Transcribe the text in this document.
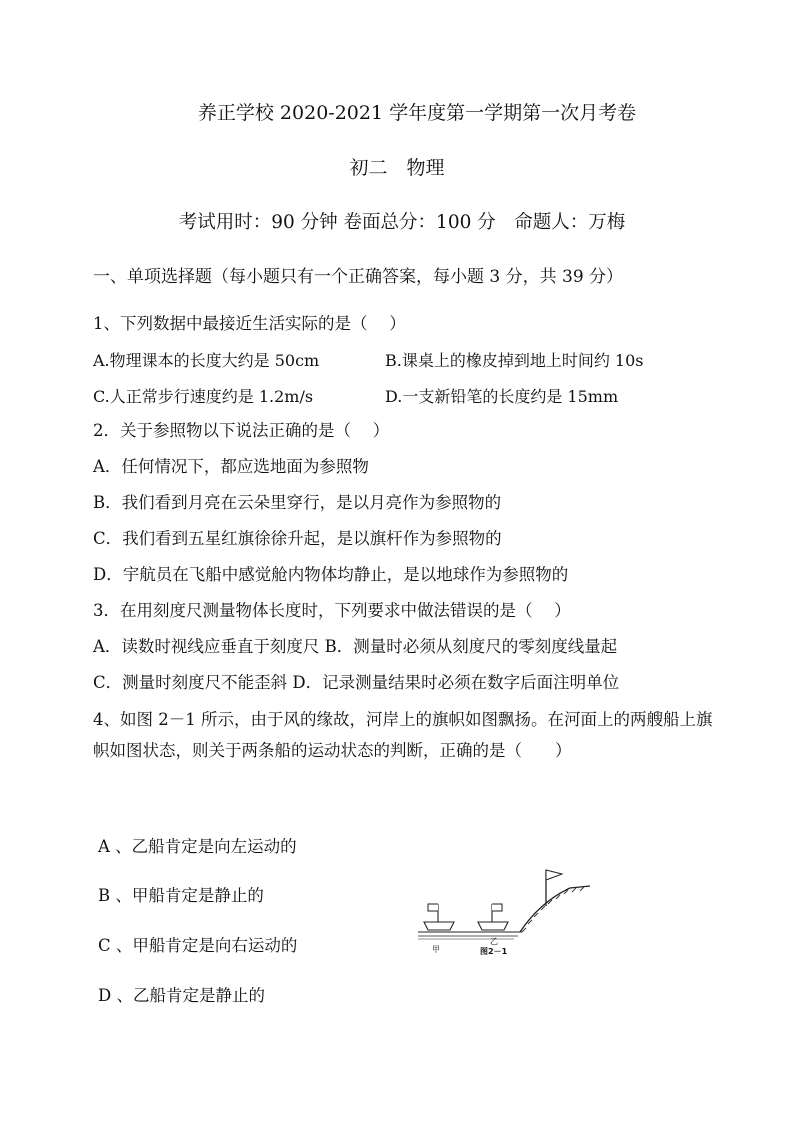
养正学校 2020-2021 学年度第一学期第一次月考卷
初二　物理
考试用时：90 分钟 卷面总分：100 分　命题人：万梅
一、单项选择题（每小题只有一个正确答案，每小题 3 分，共 39 分）
1、下列数据中最接近生活实际的是（　 ）
A.物理课本的长度大约是 50cm	B.课桌上的橡皮掉到地上时间约 10s
C.人正常步行速度约是 1.2m/s	D.一支新铅笔的长度约是 15mm
2．关于参照物以下说法正确的是（　 ）
A．任何情况下，都应选地面为参照物
B．我们看到月亮在云朵里穿行，是以月亮作为参照物的
C．我们看到五星红旗徐徐升起，是以旗杆作为参照物的
D．宇航员在飞船中感觉舱内物体均静止，是以地球作为参照物的
3．在用刻度尺测量物体长度时，下列要求中做法错误的是（　 ）
A．读数时视线应垂直于刻度尺 B．测量时必须从刻度尺的零刻度线量起
C．测量时刻度尺不能歪斜 D．记录测量结果时必须在数字后面注明单位
4、如图 2－1 所示，由于风的缘故，河岸上的旗帜如图飘扬。在河面上的两艘船上旗帜如图状态，则关于两条船的运动状态的判断，正确的是（　　）
A 、乙船肯定是向左运动的
B 、甲船肯定是静止的
C 、甲船肯定是向右运动的
D 、乙船肯定是静止的
甲
乙
图2－1
